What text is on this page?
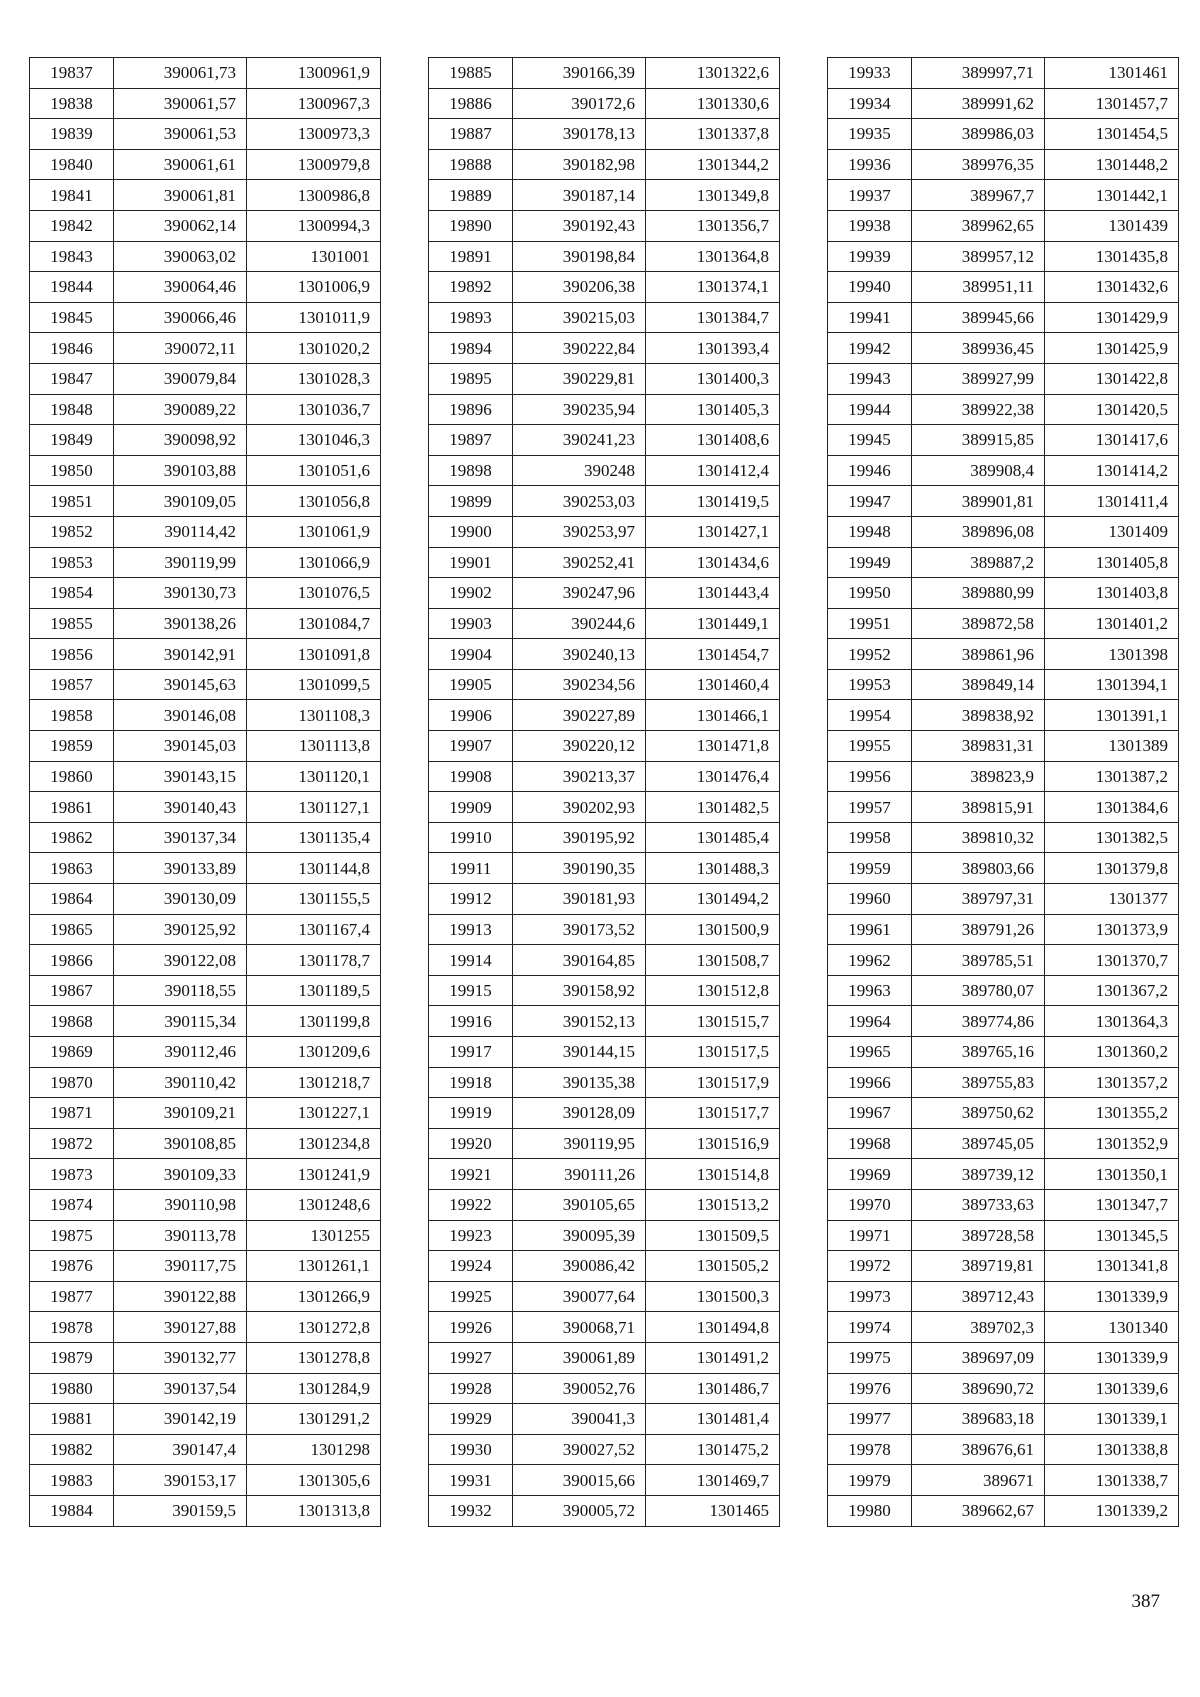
19837	390061,73	1300961,9
19838	390061,57	1300967,3
19839	390061,53	1300973,3
19840	390061,61	1300979,8
19841	390061,81	1300986,8
19842	390062,14	1300994,3
19843	390063,02	1301001
19844	390064,46	1301006,9
19845	390066,46	1301011,9
19846	390072,11	1301020,2
19847	390079,84	1301028,3
19848	390089,22	1301036,7
19849	390098,92	1301046,3
19850	390103,88	1301051,6
19851	390109,05	1301056,8
19852	390114,42	1301061,9
19853	390119,99	1301066,9
19854	390130,73	1301076,5
19855	390138,26	1301084,7
19856	390142,91	1301091,8
19857	390145,63	1301099,5
19858	390146,08	1301108,3
19859	390145,03	1301113,8
19860	390143,15	1301120,1
19861	390140,43	1301127,1
19862	390137,34	1301135,4
19863	390133,89	1301144,8
19864	390130,09	1301155,5
19865	390125,92	1301167,4
19866	390122,08	1301178,7
19867	390118,55	1301189,5
19868	390115,34	1301199,8
19869	390112,46	1301209,6
19870	390110,42	1301218,7
19871	390109,21	1301227,1
19872	390108,85	1301234,8
19873	390109,33	1301241,9
19874	390110,98	1301248,6
19875	390113,78	1301255
19876	390117,75	1301261,1
19877	390122,88	1301266,9
19878	390127,88	1301272,8
19879	390132,77	1301278,8
19880	390137,54	1301284,9
19881	390142,19	1301291,2
19882	390147,4	1301298
19883	390153,17	1301305,6
19884	390159,5	1301313,8
19885	390166,39	1301322,6
19886	390172,6	1301330,6
19887	390178,13	1301337,8
19888	390182,98	1301344,2
19889	390187,14	1301349,8
19890	390192,43	1301356,7
19891	390198,84	1301364,8
19892	390206,38	1301374,1
19893	390215,03	1301384,7
19894	390222,84	1301393,4
19895	390229,81	1301400,3
19896	390235,94	1301405,3
19897	390241,23	1301408,6
19898	390248	1301412,4
19899	390253,03	1301419,5
19900	390253,97	1301427,1
19901	390252,41	1301434,6
19902	390247,96	1301443,4
19903	390244,6	1301449,1
19904	390240,13	1301454,7
19905	390234,56	1301460,4
19906	390227,89	1301466,1
19907	390220,12	1301471,8
19908	390213,37	1301476,4
19909	390202,93	1301482,5
19910	390195,92	1301485,4
19911	390190,35	1301488,3
19912	390181,93	1301494,2
19913	390173,52	1301500,9
19914	390164,85	1301508,7
19915	390158,92	1301512,8
19916	390152,13	1301515,7
19917	390144,15	1301517,5
19918	390135,38	1301517,9
19919	390128,09	1301517,7
19920	390119,95	1301516,9
19921	390111,26	1301514,8
19922	390105,65	1301513,2
19923	390095,39	1301509,5
19924	390086,42	1301505,2
19925	390077,64	1301500,3
19926	390068,71	1301494,8
19927	390061,89	1301491,2
19928	390052,76	1301486,7
19929	390041,3	1301481,4
19930	390027,52	1301475,2
19931	390015,66	1301469,7
19932	390005,72	1301465
19933	389997,71	1301461
19934	389991,62	1301457,7
19935	389986,03	1301454,5
19936	389976,35	1301448,2
19937	389967,7	1301442,1
19938	389962,65	1301439
19939	389957,12	1301435,8
19940	389951,11	1301432,6
19941	389945,66	1301429,9
19942	389936,45	1301425,9
19943	389927,99	1301422,8
19944	389922,38	1301420,5
19945	389915,85	1301417,6
19946	389908,4	1301414,2
19947	389901,81	1301411,4
19948	389896,08	1301409
19949	389887,2	1301405,8
19950	389880,99	1301403,8
19951	389872,58	1301401,2
19952	389861,96	1301398
19953	389849,14	1301394,1
19954	389838,92	1301391,1
19955	389831,31	1301389
19956	389823,9	1301387,2
19957	389815,91	1301384,6
19958	389810,32	1301382,5
19959	389803,66	1301379,8
19960	389797,31	1301377
19961	389791,26	1301373,9
19962	389785,51	1301370,7
19963	389780,07	1301367,2
19964	389774,86	1301364,3
19965	389765,16	1301360,2
19966	389755,83	1301357,2
19967	389750,62	1301355,2
19968	389745,05	1301352,9
19969	389739,12	1301350,1
19970	389733,63	1301347,7
19971	389728,58	1301345,5
19972	389719,81	1301341,8
19973	389712,43	1301339,9
19974	389702,3	1301340
19975	389697,09	1301339,9
19976	389690,72	1301339,6
19977	389683,18	1301339,1
19978	389676,61	1301338,8
19979	389671	1301338,7
19980	389662,67	1301339,2
387
